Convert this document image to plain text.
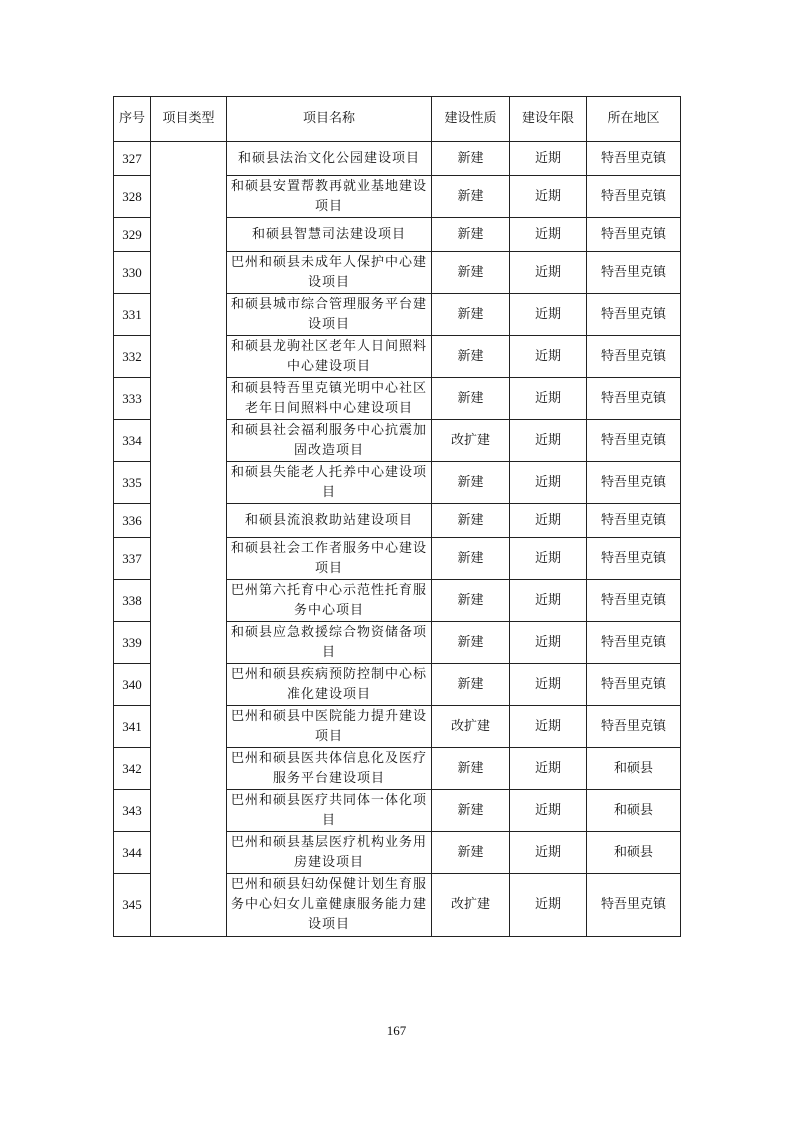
序号	项目类型	项目名称	建设性质	建设年限	所在地区
327		和硕县法治文化公园建设项目	新建	近期	特吾里克镇
328		和硕县安置帮教再就业基地建设项目	新建	近期	特吾里克镇
329		和硕县智慧司法建设项目	新建	近期	特吾里克镇
330		巴州和硕县未成年人保护中心建设项目	新建	近期	特吾里克镇
331		和硕县城市综合管理服务平台建设项目	新建	近期	特吾里克镇
332		和硕县龙驹社区老年人日间照料中心建设项目	新建	近期	特吾里克镇
333		和硕县特吾里克镇光明中心社区老年日间照料中心建设项目	新建	近期	特吾里克镇
334		和硕县社会福利服务中心抗震加固改造项目	改扩建	近期	特吾里克镇
335		和硕县失能老人托养中心建设项目	新建	近期	特吾里克镇
336		和硕县流浪救助站建设项目	新建	近期	特吾里克镇
337		和硕县社会工作者服务中心建设项目	新建	近期	特吾里克镇
338		巴州第六托育中心示范性托育服务中心项目	新建	近期	特吾里克镇
339		和硕县应急救援综合物资储备项目	新建	近期	特吾里克镇
340		巴州和硕县疾病预防控制中心标准化建设项目	新建	近期	特吾里克镇
341		巴州和硕县中医院能力提升建设项目	改扩建	近期	特吾里克镇
342		巴州和硕县医共体信息化及医疗服务平台建设项目	新建	近期	和硕县
343		巴州和硕县医疗共同体一体化项目	新建	近期	和硕县
344		巴州和硕县基层医疗机构业务用房建设项目	新建	近期	和硕县
345		巴州和硕县妇幼保健计划生育服务中心妇女儿童健康服务能力建设项目	改扩建	近期	特吾里克镇
167
